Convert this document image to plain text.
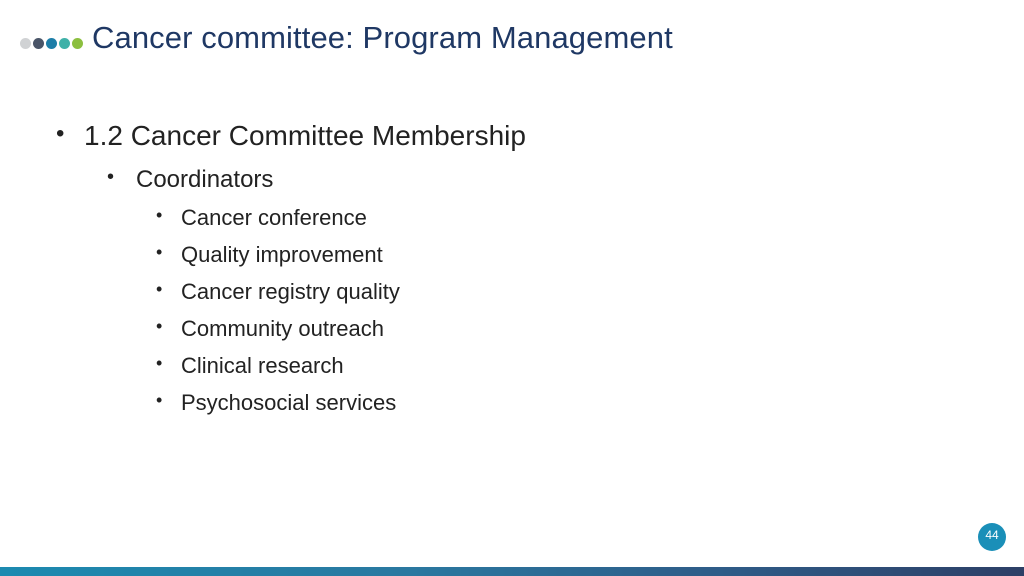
Cancer committee: Program Management
• 1.2 Cancer Committee Membership
• Coordinators
• Cancer conference
• Quality improvement
• Cancer registry quality
• Community outreach
• Clinical research
• Psychosocial services
44
